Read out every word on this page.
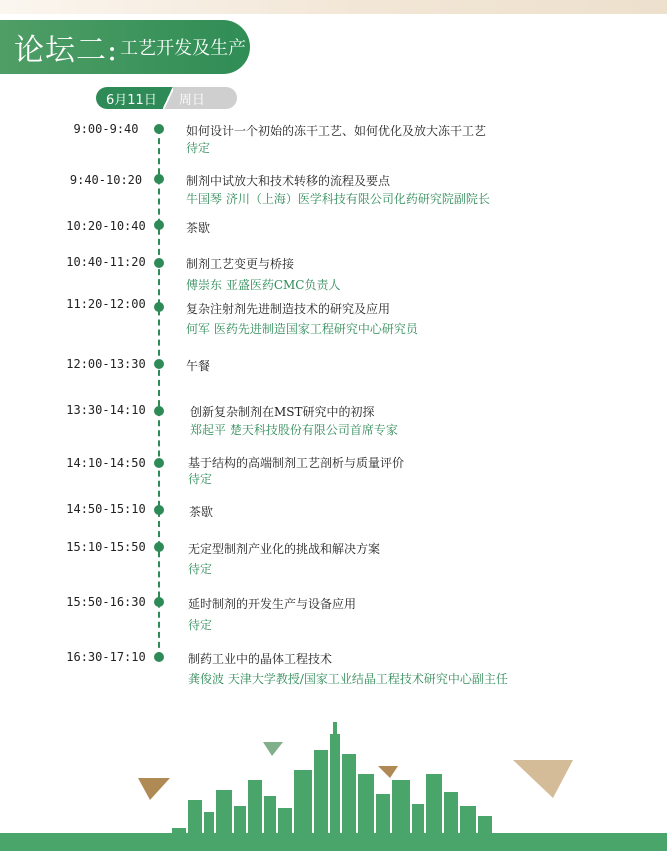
论坛二: 工艺开发及生产
6月11日	周日
9:00-9:40	如何设计一个初始的冻干工艺、如何优化及放大冻干工艺
待定
9:40-10:20	制剂中试放大和技术转移的流程及要点
牛国琴 济川（上海）医学科技有限公司化药研究院副院长
10:20-10:40	茶歇
10:40-11:20	制剂工艺变更与桥接
傅崇东 亚盛医药CMC负责人
11:20-12:00	复杂注射剂先进制造技术的研究及应用
何军 医药先进制造国家工程研究中心研究员
12:00-13:30	午餐
13:30-14:10	创新复杂制剂在MST研究中的初探
郑起平 楚天科技股份有限公司首席专家
14:10-14:50	基于结构的高端制剂工艺剖析与质量评价
待定
14:50-15:10	茶歇
15:10-15:50	无定型制剂产业化的挑战和解决方案
待定
15:50-16:30	延时制剂的开发生产与设备应用
待定
16:30-17:10	制药工业中的晶体工程技术
龚俊波 天津大学教授/国家工业结晶工程技术研究中心副主任
